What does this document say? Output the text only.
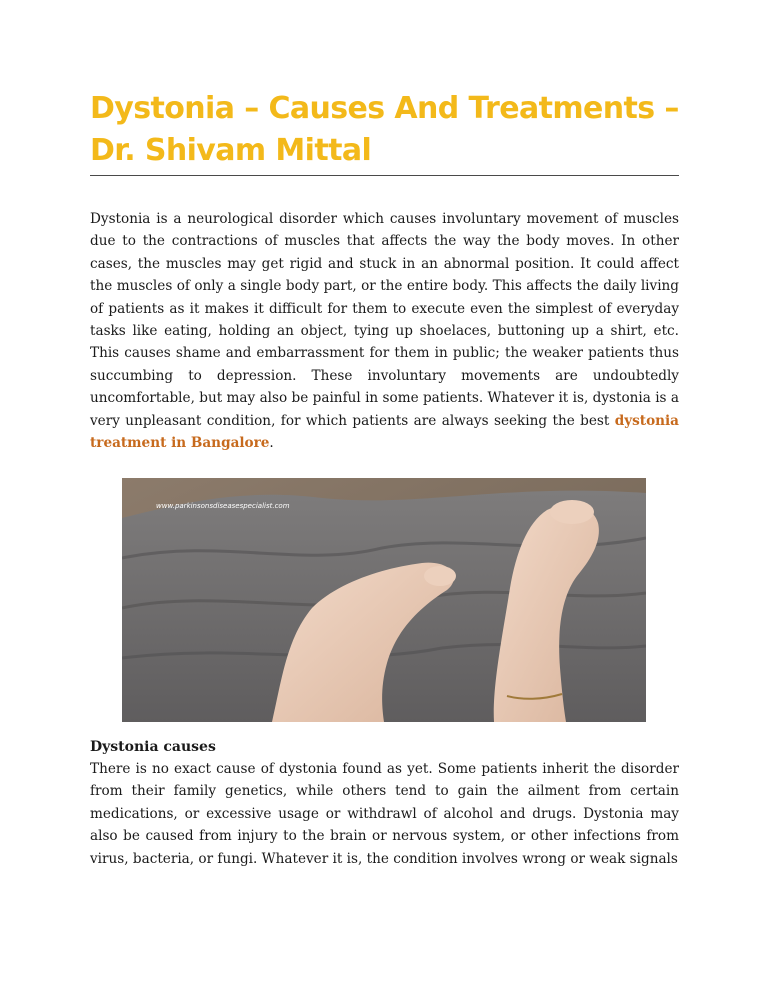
Dystonia – Causes And Treatments – Dr. Shivam Mittal

Dystonia is a neurological disorder which causes involuntary movement of muscles due to the contractions of muscles that affects the way the body moves. In other cases, the muscles may get rigid and stuck in an abnormal position. It could affect the muscles of only a single body part, or the entire body. This affects the daily living of patients as it makes it difficult for them to execute even the simplest of everyday tasks like eating, holding an object, tying up shoelaces, buttoning up a shirt, etc. This causes shame and embarrassment for them in public; the weaker patients thus succumbing to depression. These involuntary movements are undoubtedly uncomfortable, but may also be painful in some patients. Whatever it is, dystonia is a very unpleasant condition, for which patients are always seeking the best dystonia treatment in Bangalore.

www.parkinsonsdiseasespecialist.com
Dystonia causes

There is no exact cause of dystonia found as yet. Some patients inherit the disorder from their family genetics, while others tend to gain the ailment from certain medications, or excessive usage or withdrawl of alcohol and drugs. Dystonia may also be caused from injury to the brain or nervous system, or other infections from virus, bacteria, or fungi. Whatever it is, the condition involves wrong or weak signals
